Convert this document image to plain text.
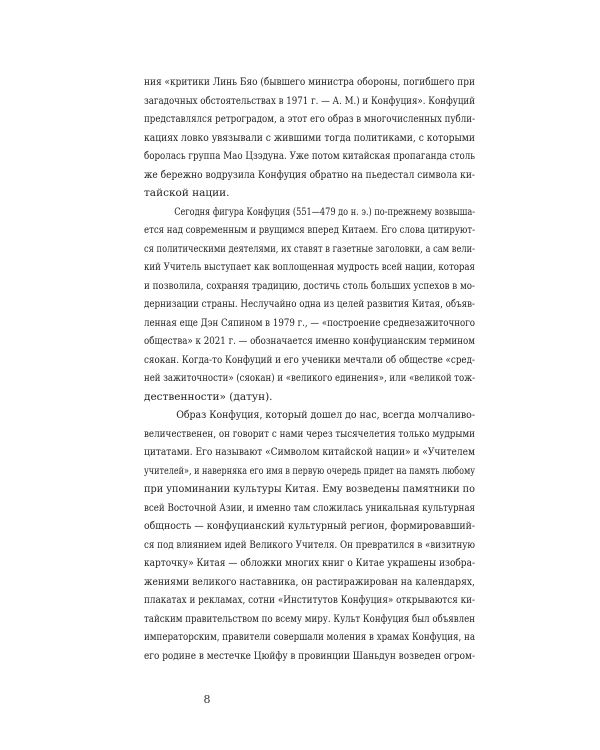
ния «критики Линь Бяо (бывшего министра обороны, погибшего при
загадочных обстоятельствах в 1971 г. — А. М.) и Конфуция». Конфуций
представлялся ретроградом, а этот его образ в многочисленных публи-
кациях ловко увязывали с жившими тогда политиками, с которыми
боролась группа Мао Цзэдуна. Уже потом китайская пропаганда столь
же бережно водрузила Конфуция обратно на пьедестал символа ки-
тайской нации.
Сегодня фигура Конфуция (551—479 до н. э.) по-прежнему возвыша-
ется над современным и рвущимся вперед Китаем. Его слова цитируют-
ся политическими деятелями, их ставят в газетные заголовки, а сам вели-
кий Учитель выступает как воплощенная мудрость всей нации, которая
и позволила, сохраняя традицию, достичь столь больших успехов в мо-
дернизации страны. Неслучайно одна из целей развития Китая, объяв-
ленная еще Дэн Сяпином в 1979 г., — «построение среднезажиточного
общества» к 2021 г. — обозначается именно конфуцианским термином
сяокан. Когда-то Конфуций и его ученики мечтали об обществе «сред-
ней зажиточности» (сяокан) и «великого единения», или «великой тож-
дественности» (датун).
Образ Конфуция, который дошел до нас, всегда молчаливо-
величественен, он говорит с нами через тысячелетия только мудрыми
цитатами. Его называют «Символом китайской нации» и «Учителем
учителей», и наверняка его имя в первую очередь придет на память любому
при упоминании культуры Китая. Ему возведены памятники по
всей Восточной Азии, и именно там сложилась уникальная культурная
общность — конфуцианский культурный регион, формировавший-
ся под влиянием идей Великого Учителя. Он превратился в «визитную
карточку» Китая — обложки многих книг о Китае украшены изобра-
жениями великого наставника, он растиражирован на календарях,
плакатах и рекламах, сотни «Институтов Конфуция» открываются ки-
тайским правительством по всему миру. Культ Конфуция был объявлен
императорским, правители совершали моления в храмах Конфуция, на
его родине в местечке Цюйфу в провинции Шаньдун возведен огром-
8
